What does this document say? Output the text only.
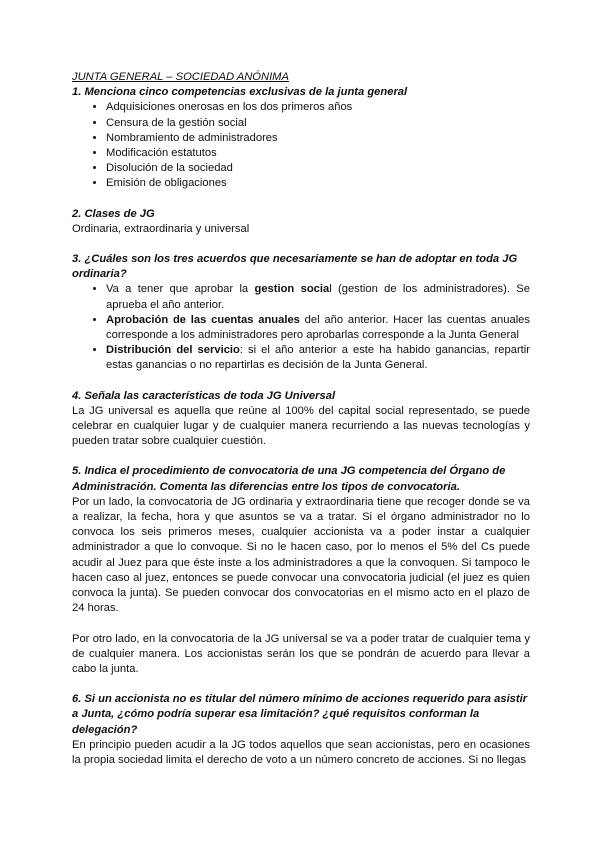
JUNTA GENERAL – SOCIEDAD ANÓNIMA

1. Menciona cinco competencias exclusivas de la junta general

• Adquisiciones onerosas en los dos primeros años
• Censura de la gestión social
• Nombramiento de administradores
• Modificación estatutos
• Disolución de la sociedad
• Emisión de obligaciones

2. Clases de JG

Ordinaria, extraordinaria y universal

3. ¿Cuáles son los tres acuerdos que necesariamente se han de adoptar en toda JG ordinaria?

• Va a tener que aprobar la gestion social (gestion de los administradores). Se aprueba el año anterior.
• Aprobación de las cuentas anuales del año anterior. Hacer las cuentas anuales corresponde a los administradores pero aprobarlas corresponde a la Junta General
• Distribución del servicio: si el año anterior a este ha habido ganancias, repartir estas ganancias o no repartirlas es decisión de la Junta General.

4. Señala las características de toda JG Universal

La JG universal es aquella que reúne al 100% del capital social representado, se puede celebrar en cualquier lugar y de cualquier manera recurriendo a las nuevas tecnologías y pueden tratar sobre cualquier cuestión.

5. Indica el procedimiento de convocatoria de una JG competencia del Órgano de Administración. Comenta las diferencias entre los tipos de convocatoria.

Por un lado, la convocatoria de JG ordinaria y extraordinaria tiene que recoger donde se va a realizar, la fecha, hora y que asuntos se va a tratar. Si el órgano administrador no lo convoca los seis primeros meses, cualquier accionista va a poder instar a cualquier administrador a que lo convoque. Si no le hacen caso, por lo menos el 5% del Cs puede acudir al Juez para que éste inste a los administradores a que la convoquen. Si tampoco le hacen caso al juez, entonces se puede convocar una convocatoria judicial (el juez es quien convoca la junta). Se pueden convocar dos convocatorias en el mismo acto en el plazo de 24 horas.

Por otro lado, en la convocatoria de la JG universal se va a poder tratar de cualquier tema y de cualquier manera. Los accionistas serán los que se pondrán de acuerdo para llevar a cabo la junta.

6. Si un accionista no es titular del número mínimo de acciones requerido para asistir a Junta, ¿cómo podría superar esa limitación? ¿qué requisitos conforman la delegación?

En principio pueden acudir a la JG todos aquellos que sean accionistas, pero en ocasiones la propia sociedad limita el derecho de voto a un número concreto de acciones. Si no llegas
